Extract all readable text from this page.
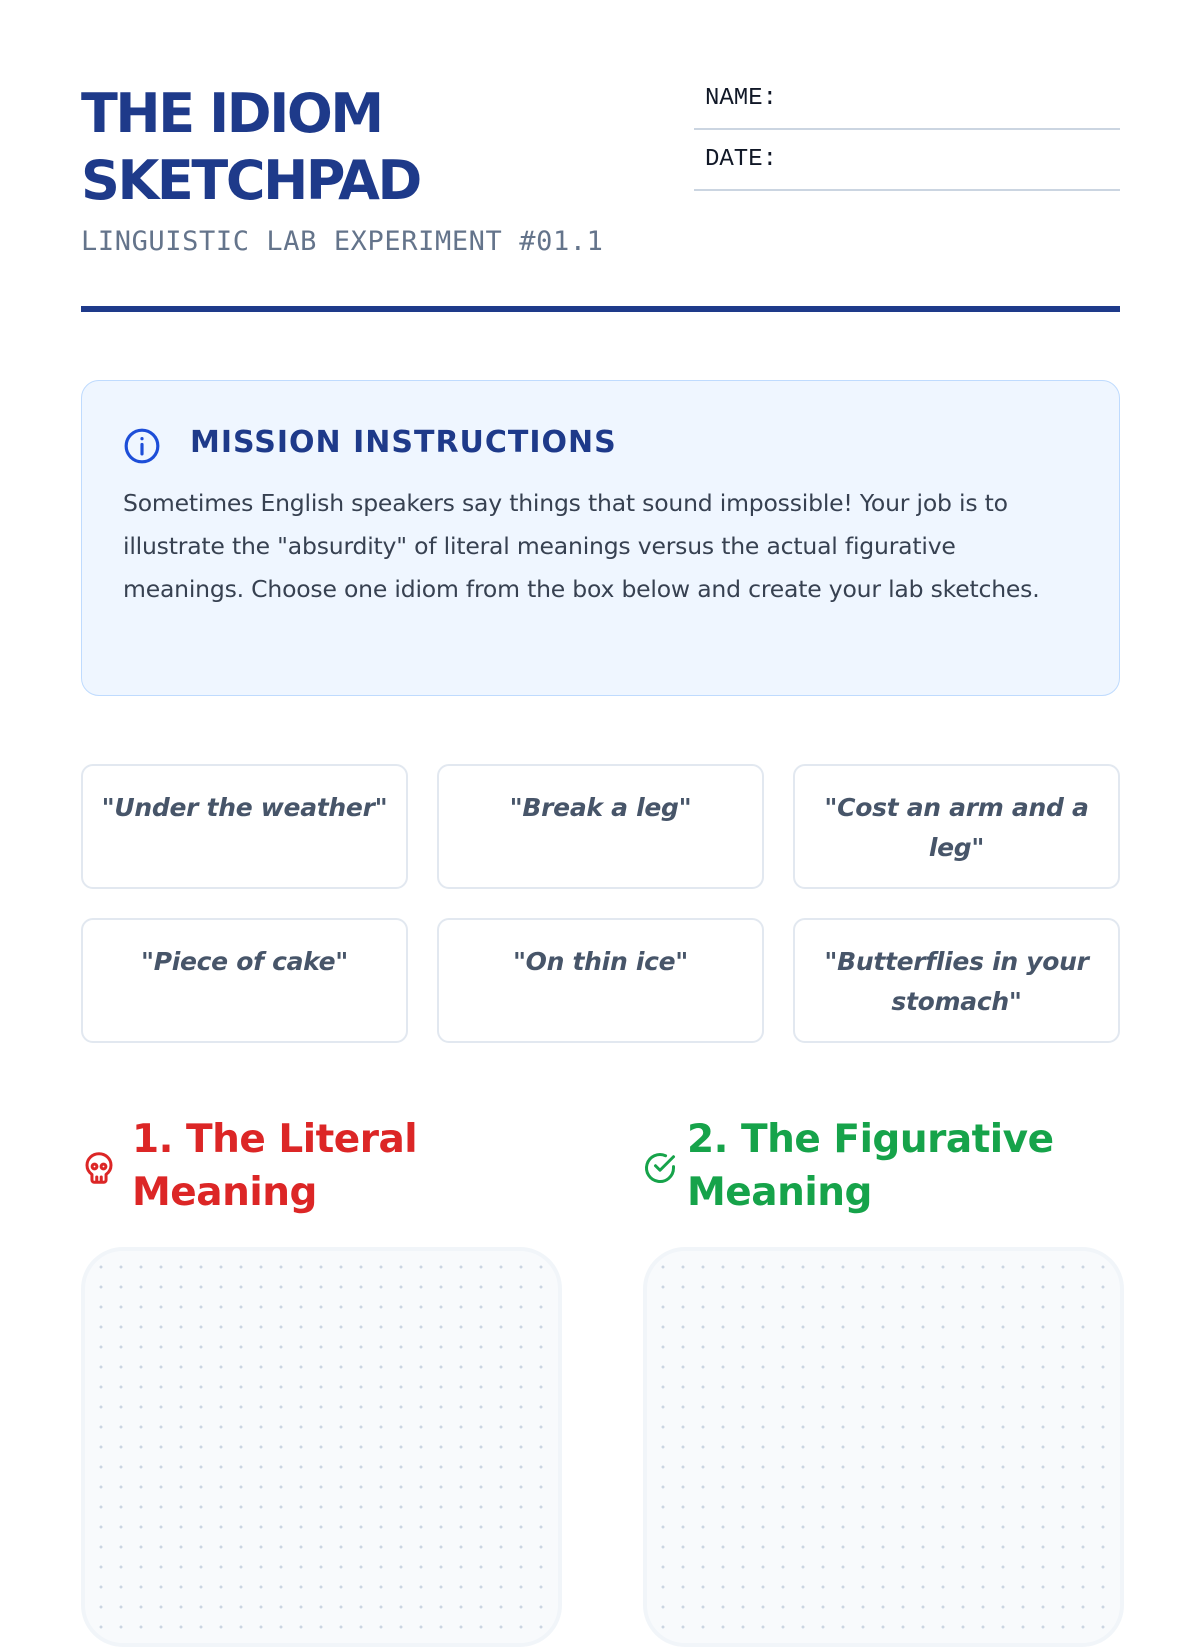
THE IDIOM
SKETCHPAD
LINGUISTIC LAB EXPERIMENT #01.1
NAME:
DATE:
MISSION INSTRUCTIONS
Sometimes English speakers say things that sound impossible! Your job is to illustrate the "absurdity" of literal meanings versus the actual figurative meanings. Choose one idiom from the box below and create your lab sketches.
"Under the weather"	"Break a leg"	"Cost an arm and a leg"
"Piece of cake"	"On thin ice"	"Butterflies in your stomach"
1. The Literal Meaning
2. The Figurative Meaning
